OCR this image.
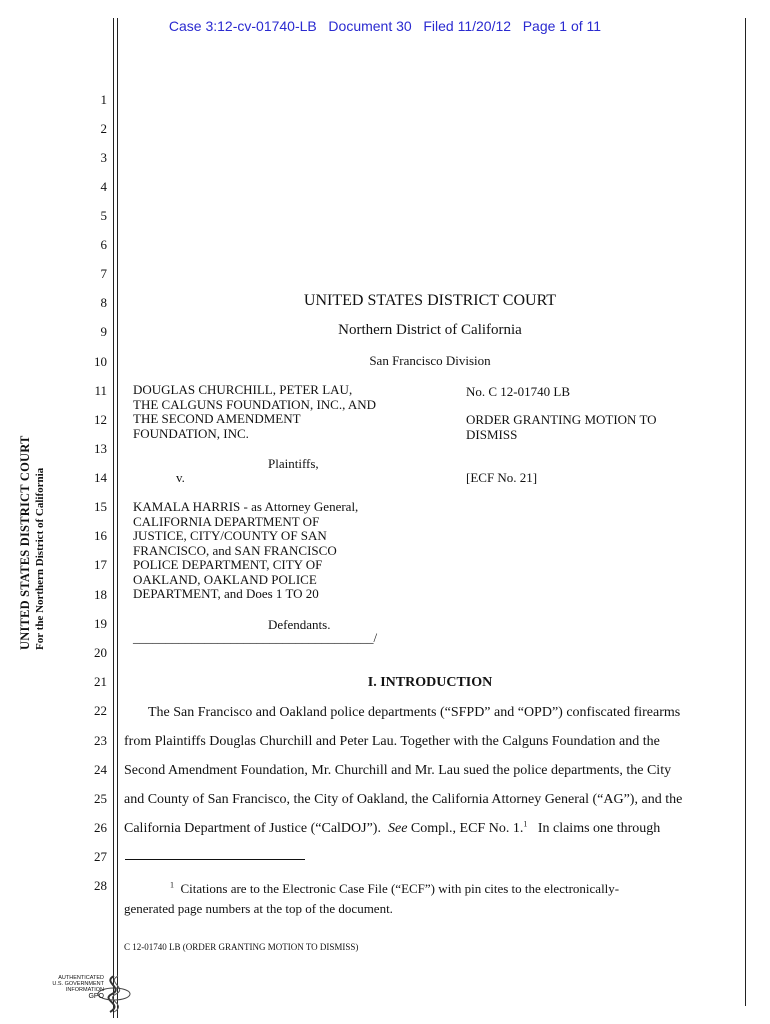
Case 3:12-cv-01740-LB   Document 30   Filed 11/20/12   Page 1 of 11
1
2
3
4
5
6
7
8
9
10
11
12
13
14
15
16
17
18
19
20
21
22
23
24
25
26
27
28
UNITED STATES DISTRICT COURT For the Northern District of California
UNITED STATES DISTRICT COURT
Northern District of California
San Francisco Division
DOUGLAS CHURCHILL, PETER LAU,
THE CALGUNS FOUNDATION, INC., AND
THE SECOND AMENDMENT
FOUNDATION, INC.
Plaintiffs,
v.
KAMALA HARRIS - as Attorney General,
CALIFORNIA DEPARTMENT OF
JUSTICE, CITY/COUNTY OF SAN
FRANCISCO, and SAN FRANCISCO
POLICE DEPARTMENT, CITY OF
OAKLAND, OAKLAND POLICE
DEPARTMENT, and Does 1 TO 20
Defendants.
_____________________________________/
No. C 12-01740 LB
ORDER GRANTING MOTION TO
DISMISS
[ECF No. 21]
I. INTRODUCTION
The San Francisco and Oakland police departments (“SFPD” and “OPD”) confiscated firearms
from Plaintiffs Douglas Churchill and Peter Lau. Together with the Calguns Foundation and the
Second Amendment Foundation, Mr. Churchill and Mr. Lau sued the police departments, the City
and County of San Francisco, the City of Oakland, the California Attorney General (“AG”), and the
California Department of Justice (“CalDOJ”).  See Compl., ECF No. 1.$^1$   In claims one through
$^1$ Citations are to the Electronic Case File (“ECF”) with pin cites to the electronically-
generated page numbers at the top of the document.
C 12-01740 LB (ORDER GRANTING MOTION TO DISMISS)
AUTHENTICATED
U.S. GOVERNMENT
INFORMATION
GPO
